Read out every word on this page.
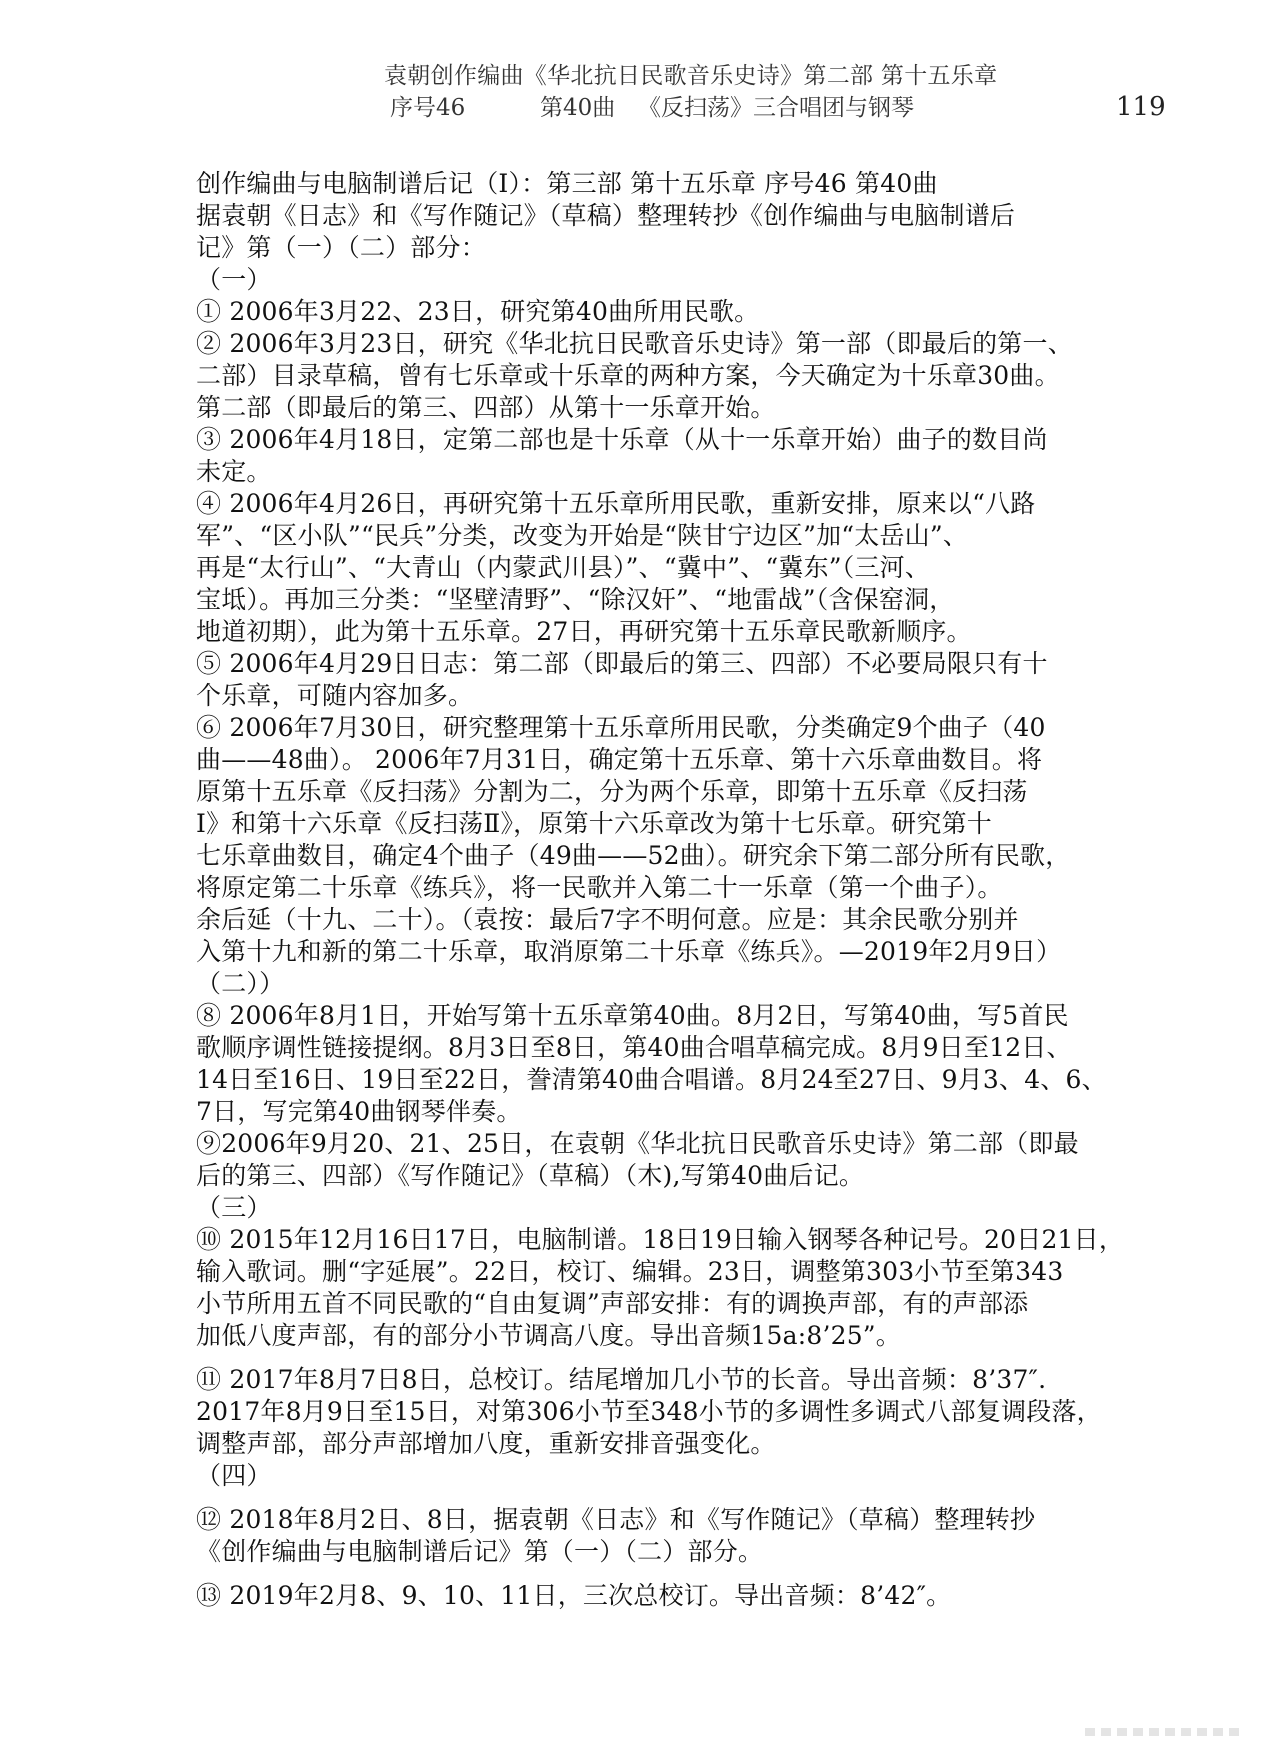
袁朝创作编曲《华北抗日民歌音乐史诗》第二部 第十五乐章
序号46	第40曲 《反扫荡》三合唱团与钢琴	119
创作编曲与电脑制谱后记（Ⅰ）：第三部 第十五乐章 序号46 第40曲
据袁朝《日志》和《写作随记》（草稿）整理转抄《创作编曲与电脑制谱后
记》第（一）（二）部分：
（一）
① 2006年3月22、23日，研究第40曲所用民歌。
② 2006年3月23日，研究《华北抗日民歌音乐史诗》第一部（即最后的第一、
二部）目录草稿，曾有七乐章或十乐章的两种方案，今天确定为十乐章30曲。
第二部（即最后的第三、四部）从第十一乐章开始。
③ 2006年4月18日，定第二部也是十乐章（从十一乐章开始）曲子的数目尚
未定。
④ 2006年4月26日，再研究第十五乐章所用民歌，重新安排，原来以“八路
军”、“区小队”“民兵”分类，改变为开始是“陕甘宁边区”加“太岳山”、
再是“太行山”、“大青山（内蒙武川县）”、“冀中”、“冀东”（三河、
宝坻）。再加三分类：“坚壁清野”、“除汉奸”、“地雷战”（含保窑洞，
地道初期），此为第十五乐章。27日，再研究第十五乐章民歌新顺序。
⑤ 2006年4月29日日志：第二部（即最后的第三、四部）不必要局限只有十
个乐章，可随内容加多。
⑥ 2006年7月30日，研究整理第十五乐章所用民歌，分类确定9个曲子（40
曲——48曲）。 2006年7月31日，确定第十五乐章、第十六乐章曲数目。将
原第十五乐章《反扫荡》分割为二，分为两个乐章，即第十五乐章《反扫荡
Ⅰ》和第十六乐章《反扫荡Ⅱ》，原第十六乐章改为第十七乐章。研究第十
七乐章曲数目，确定4个曲子（49曲——52曲）。研究余下第二部分所有民歌，
将原定第二十乐章《练兵》，将一民歌并入第二十一乐章（第一个曲子）。
余后延（十九、二十）。（袁按：最后7字不明何意。应是：其余民歌分别并
入第十九和新的第二十乐章，取消原第二十乐章《练兵》。—2019年2月9日）
（二））
⑧ 2006年8月1日，开始写第十五乐章第40曲。8月2日，写第40曲，写5首民
歌顺序调性链接提纲。8月3日至8日，第40曲合唱草稿完成。8月9日至12日、
14日至16日、19日至22日，誊清第40曲合唱谱。8月24至27日、9月3、4、6、
7日，写完第40曲钢琴伴奏。
⑨2006年9月20、21、25日，在袁朝《华北抗日民歌音乐史诗》第二部（即最
后的第三、四部）《写作随记》（草稿）（木),写第40曲后记。
（三）
⑩ 2015年12月16日17日，电脑制谱。18日19日输入钢琴各种记号。20日21日，
输入歌词。删“字延展”。22日，校订、编辑。23日，调整第303小节至第343
小节所用五首不同民歌的“自由复调”声部安排：有的调换声部，有的声部添
加低八度声部，有的部分小节调高八度。导出音频15a:8’25”。
⑪ 2017年8月7日8日，总校订。结尾增加几小节的长音。导出音频：8’37″.
2017年8月9日至15日，对第306小节至348小节的多调性多调式八部复调段落，
调整声部，部分声部增加八度，重新安排音强变化。
（四）
⑫ 2018年8月2日、8日，据袁朝《日志》和《写作随记》（草稿）整理转抄
《创作编曲与电脑制谱后记》第（一）（二）部分。
⑬ 2019年2月8、9、10、11日，三次总校订。导出音频：8’42″。
